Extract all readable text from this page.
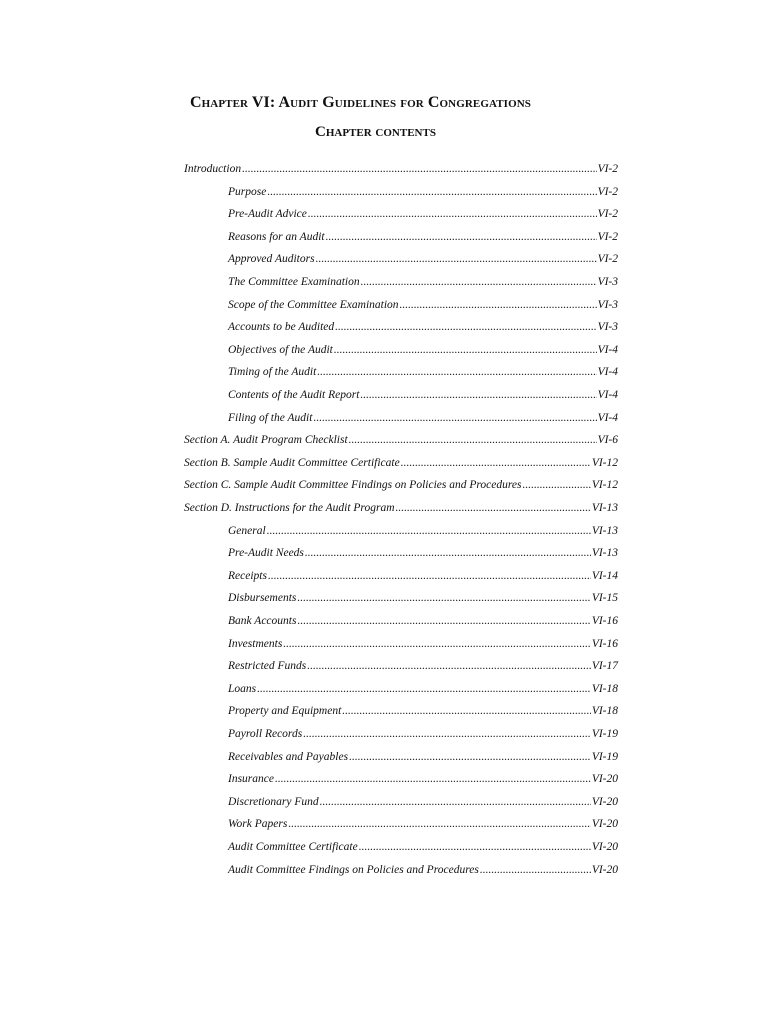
Chapter VI: Audit Guidelines for Congregations
Chapter contents
Introduction .....	VI-2
Purpose .....	VI-2
Pre-Audit Advice .....	VI-2
Reasons for an Audit .....	VI-2
Approved Auditors .....	VI-2
The Committee Examination .....	VI-3
Scope of the Committee Examination .....	VI-3
Accounts to be Audited .....	VI-3
Objectives of the Audit .....	VI-4
Timing of the Audit .....	VI-4
Contents of the Audit Report .....	VI-4
Filing of the Audit .....	VI-4
Section A. Audit Program Checklist .....	VI-6
Section B. Sample Audit Committee Certificate .....	VI-12
Section C. Sample Audit Committee Findings on Policies and Procedures .....	VI-12
Section D. Instructions for the Audit Program .....	VI-13
General .....	VI-13
Pre-Audit Needs .....	VI-13
Receipts .....	VI-14
Disbursements .....	VI-15
Bank Accounts .....	VI-16
Investments .....	VI-16
Restricted Funds .....	VI-17
Loans .....	VI-18
Property and Equipment .....	VI-18
Payroll Records .....	VI-19
Receivables and Payables .....	VI-19
Insurance .....	VI-20
Discretionary Fund .....	VI-20
Work Papers .....	VI-20
Audit Committee Certificate .....	VI-20
Audit Committee Findings on Policies and Procedures .....	VI-20
